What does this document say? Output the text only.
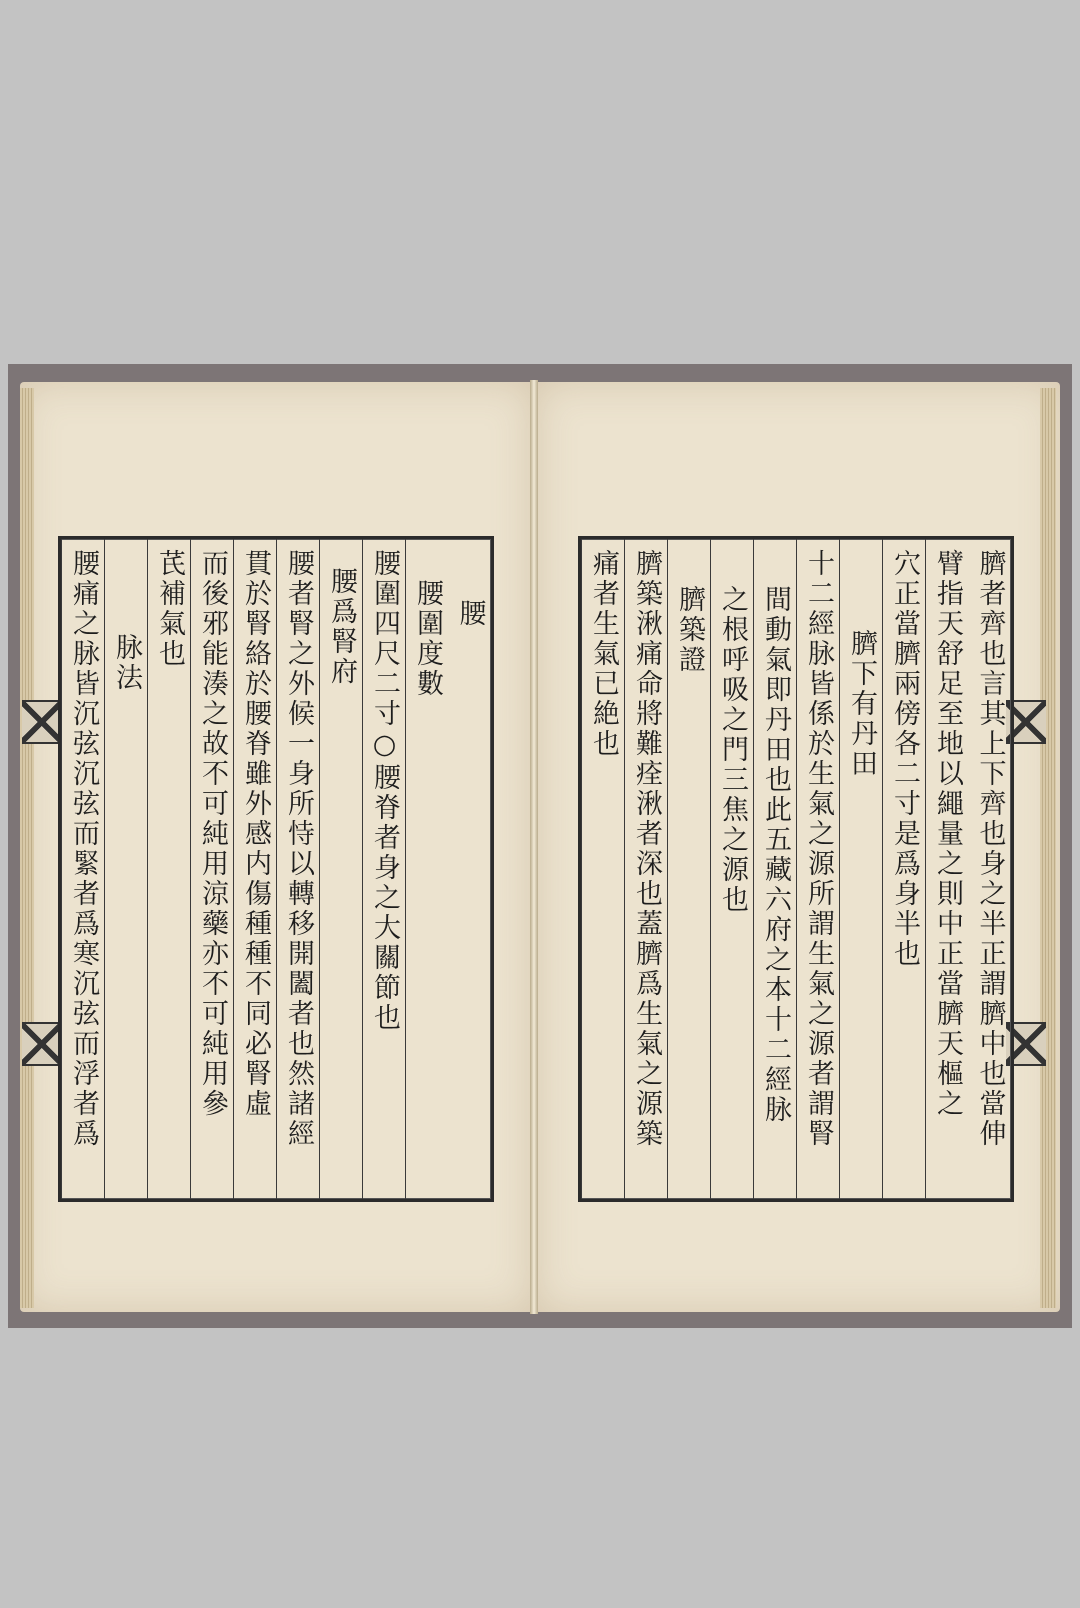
腰
腰圍度數
腰圍四尺二寸○腰脊者身之大關節也
腰爲腎府
腰者腎之外候一身所恃以轉移開闔者也然諸經
貫於腎絡於腰脊雖外感内傷種種不同必腎虛
而後邪能湊之故不可純用涼藥亦不可純用參
芪補氣也
脉法
腰痛之脉皆沉弦沉弦而緊者爲寒沉弦而浮者爲	臍者齊也言其上下齊也身之半正謂臍中也當伸
臂指天舒足至地以繩量之則中正當臍天樞之
穴正當臍兩傍各二寸是爲身半也
臍下有丹田
十二經脉皆係於生氣之源所謂生氣之源者謂腎
間動氣即丹田也此五藏六府之本十二經脉
之根呼吸之門三焦之源也
臍築證
臍築湫痛命將難痊湫者深也蓋臍爲生氣之源築
痛者生氣已絶也
